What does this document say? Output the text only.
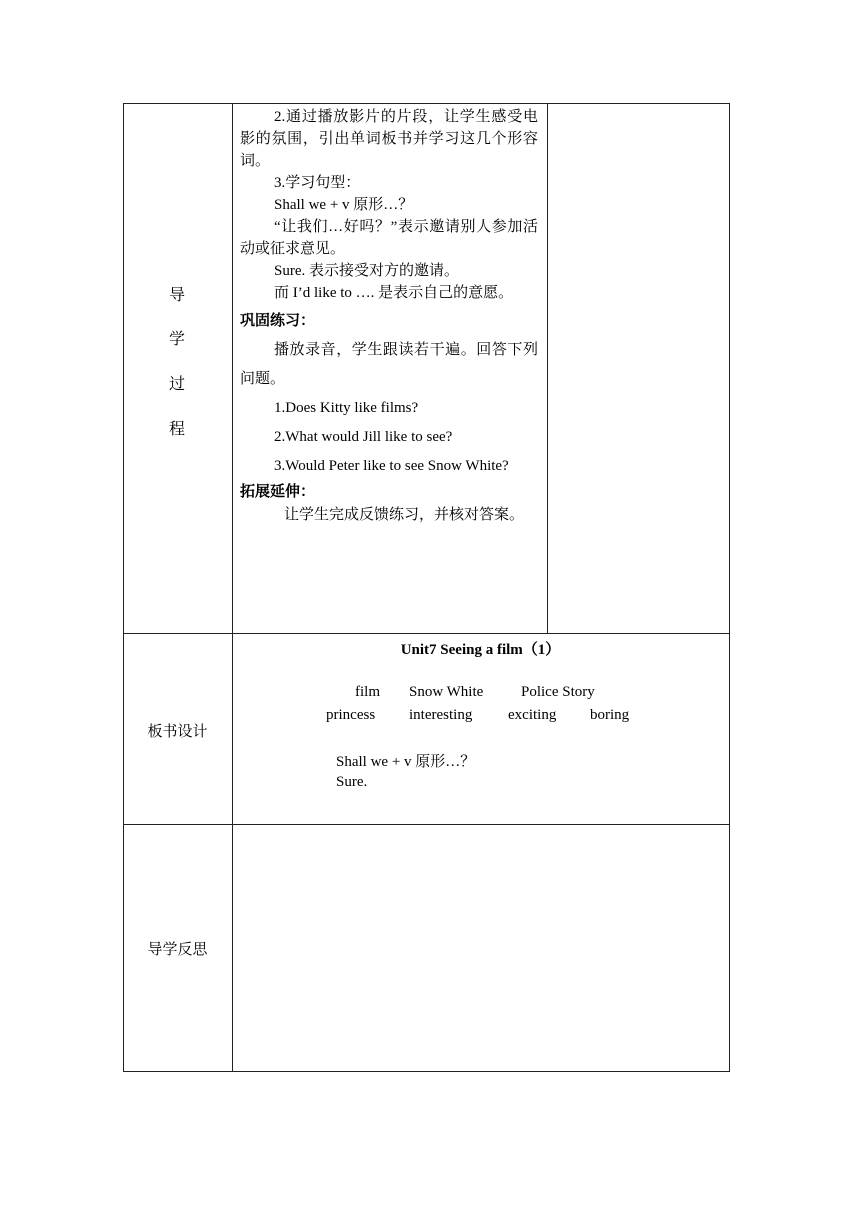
导
学
过
程
板书设计
导学反思

2.通过播放影片的片段，让学生感受电影的氛围，引出单词板书并学习这几个形容词。

3.学习句型：

Shall we + v 原形…？

“让我们…好吗？”表示邀请别人参加活动或征求意见。

Sure. 表示接受对方的邀请。

而 I’d like to …. 是表示自己的意愿。

巩固练习：

播放录音，学生跟读若干遍。回答下列问题。

1.Does Kitty like films?

2.What would Jill like to see?

3.Would Peter like to see Snow White?

拓展延伸：

让学生完成反馈练习，并核对答案。

Unit7 Seeing a film（1）
film Snow White	Police Story
princess interesting exciting boring
Shall we + v 原形…？
Sure.
